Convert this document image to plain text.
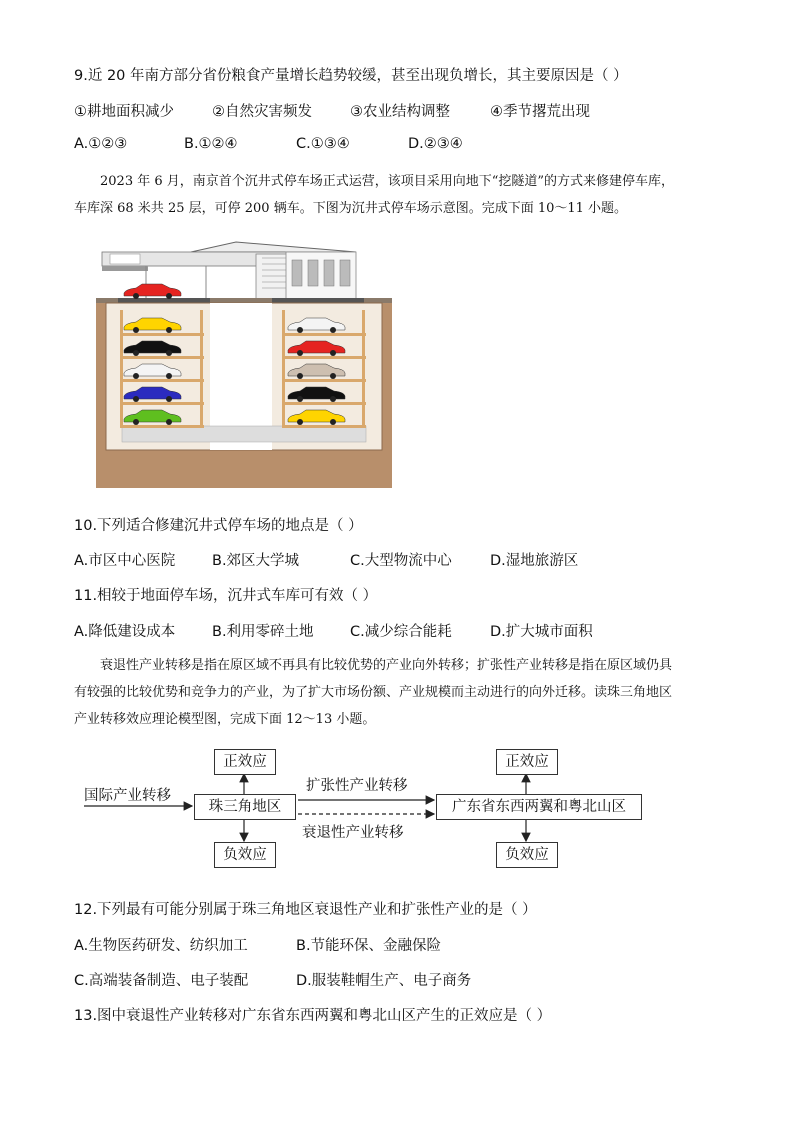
9.近 20 年南方部分省份粮食产量增长趋势较缓，甚至出现负增长，其主要原因是（ ）
①耕地面积减少	②自然灾害频发	③农业结构调整	④季节撂荒出现
A.①②③	B.①②④	C.①③④	D.②③④
2023 年 6 月，南京首个沉井式停车场正式运营，该项目采用向地下“挖隧道”的方式来修建停车库，
车库深 68 米共 25 层，可停 200 辆车。下图为沉井式停车场示意图。完成下面 10～11 小题。
10.下列适合修建沉井式停车场的地点是（ ）
A.市区中心医院	B.郊区大学城	C.大型物流中心	D.湿地旅游区
11.相较于地面停车场，沉井式车库可有效（ ）
A.降低建设成本	B.利用零碎土地	C.减少综合能耗	D.扩大城市面积
衰退性产业转移是指在原区域不再具有比较优势的产业向外转移；扩张性产业转移是指在原区域仍具
有较强的比较优势和竞争力的产业，为了扩大市场份额、产业规模而主动进行的向外迁移。读珠三角地区
产业转移效应理论模型图，完成下面 12～13 小题。
国际产业转移
正效应
珠三角地区
负效应
扩张性产业转移
衰退性产业转移
正效应
广东省东西两翼和粤北山区
负效应
12.下列最有可能分别属于珠三角地区衰退性产业和扩张性产业的是（ ）
A.生物医药研发、纺织加工	B.节能环保、金融保险
C.高端装备制造、电子装配	D.服装鞋帽生产、电子商务
13.图中衰退性产业转移对广东省东西两翼和粤北山区产生的正效应是（ ）
